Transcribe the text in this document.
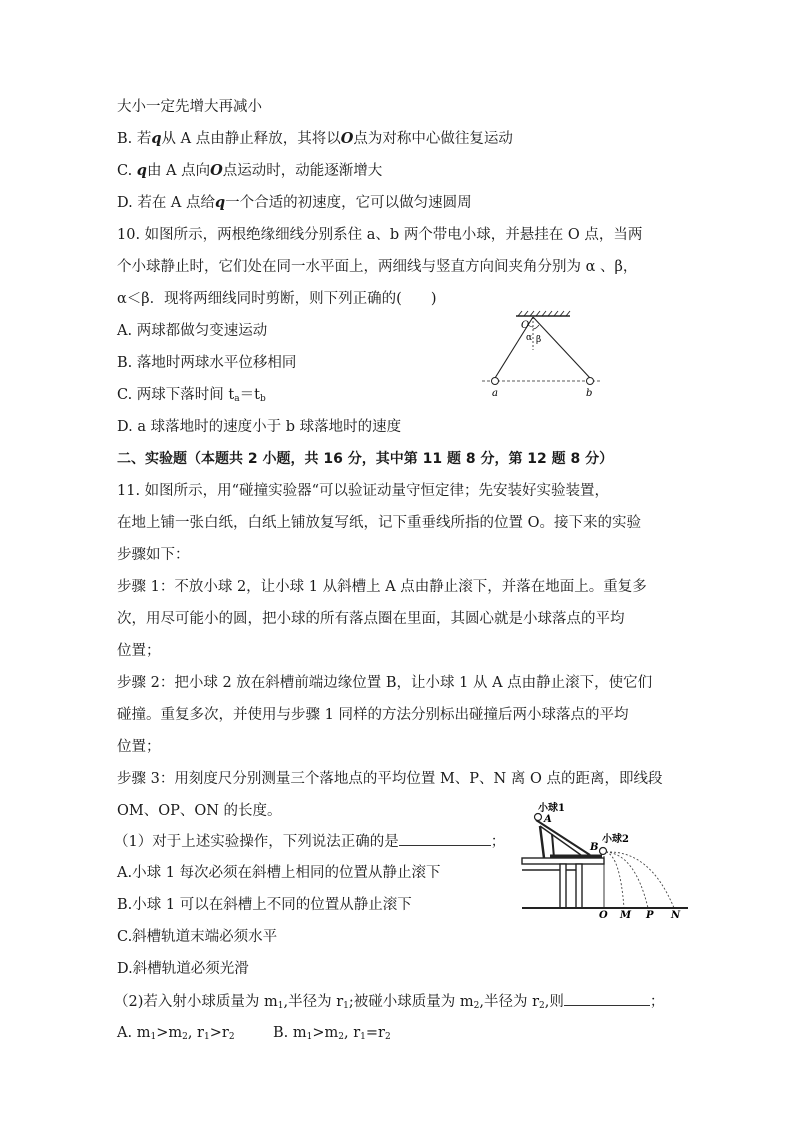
大小一定先增大再减小
B. 若q从 A 点由静止释放，其将以O点为对称中心做往复运动
C. q由 A 点向O点运动时，动能逐渐增大
D. 若在 A 点给q一个合适的初速度，它可以做匀速圆周
10. 如图所示，两根绝缘细线分别系住 a、b 两个带电小球，并悬挂在 O 点，当两
个小球静止时，它们处在同一水平面上，两细线与竖直方向间夹角分别为 α 、β，
α＜β．现将两细线同时剪断，则下列正确的(　　)
A. 两球都做匀变速运动
B. 落地时两球水平位移相同
C. 两球下落时间 $t_a=t_b$
D. a 球落地时的速度小于 b 球落地时的速度
二、实验题（本题共 2 小题，共 16 分，其中第 11 题 8 分，第 12 题 8 分）
11. 如图所示，用“碰撞实验器“可以验证动量守恒定律；先安装好实验装置，
在地上铺一张白纸，白纸上铺放复写纸，记下重垂线所指的位置 O。接下来的实验
步骤如下：
步骤 1：不放小球 2，让小球 1 从斜槽上 A 点由静止滚下，并落在地面上。重复多
次，用尽可能小的圆，把小球的所有落点圈在里面，其圆心就是小球落点的平均
位置；
步骤 2：把小球 2 放在斜槽前端边缘位置 B，让小球 1 从 A 点由静止滚下，使它们
碰撞。重复多次，并使用与步骤 1 同样的方法分别标出碰撞后两小球落点的平均
位置；
步骤 3：用刻度尺分别测量三个落地点的平均位置 M、P、N 离 O 点的距离，即线段
OM、OP、ON 的长度。
（1）对于上述实验操作，下列说法正确的是	；
A.小球 1 每次必须在斜槽上相同的位置从静止滚下
B.小球 1 可以在斜槽上不同的位置从静止滚下
C.斜槽轨道末端必须水平
D.斜槽轨道必须光滑
（2)若入射小球质量为 $m_1$,半径为 $r_1$;被碰小球质量为 $m_2$,半径为 $r_2$,则	；
A. $m_1>m_2$, $r_1>r_2$	B. $m_1>m_2$, $r_1=r_2$
O
α β
a	b
小球1
A
小球2
B
O M P N
